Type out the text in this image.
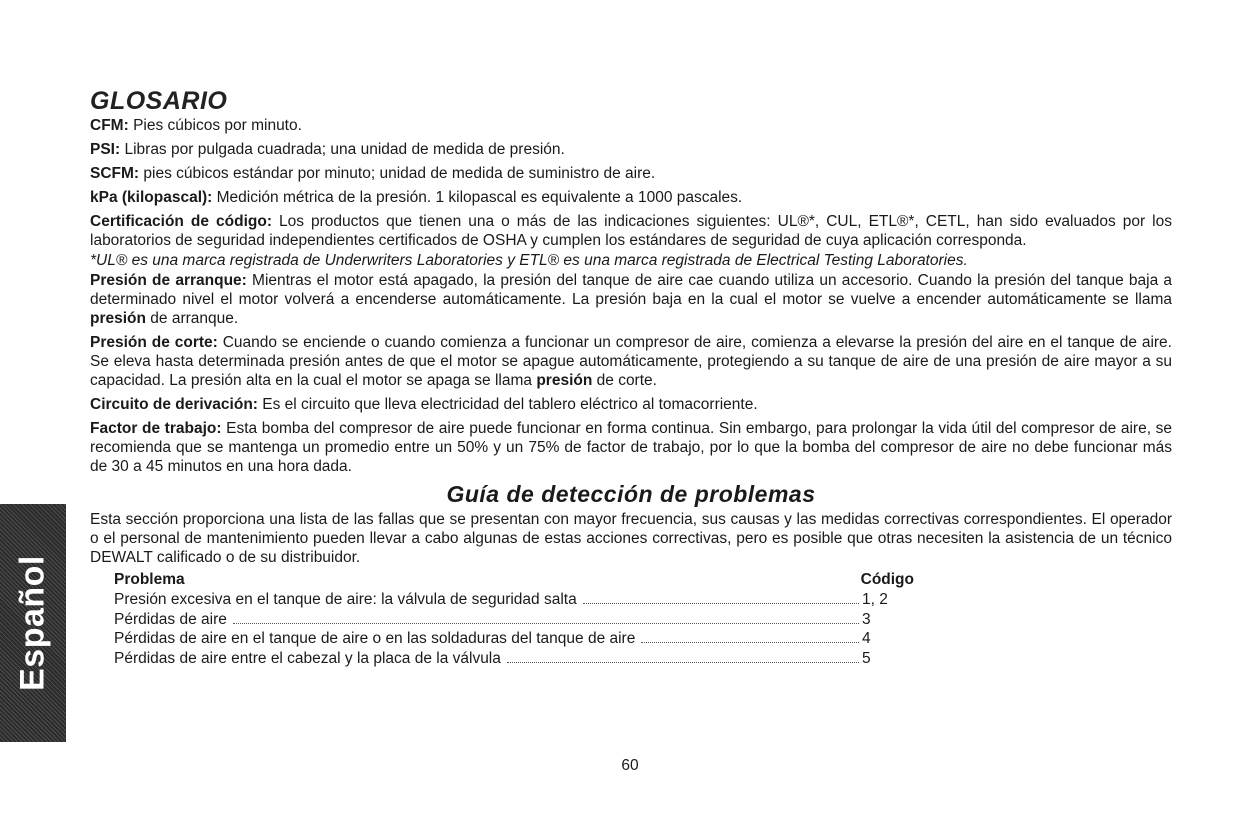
Español
GLOSARIO

CFM: Pies cúbicos por minuto.

PSI: Libras por pulgada cuadrada; una unidad de medida de presión.

SCFM: pies cúbicos estándar por minuto; unidad de medida de suministro de aire.

kPa (kilopascal): Medición métrica de la presión. 1 kilopascal es equivalente a 1000 pascales.

Certificación de código: Los productos que tienen una o más de las indicaciones siguientes: UL®*, CUL, ETL®*, CETL, han sido evaluados por los laboratorios de seguridad independientes certificados de OSHA y cumplen los estándares de seguridad de cuya aplicación corresponda.

*UL® es una marca registrada de Underwriters Laboratories y ETL® es una marca registrada de Electrical Testing Laboratories.

Presión de arranque: Mientras el motor está apagado, la presión del tanque de aire cae cuando utiliza un accesorio. Cuando la presión del tanque baja a determinado nivel el motor volverá a encenderse automáticamente. La presión baja en la cual el motor se vuelve a encender automáticamente se llama presión de arranque.

Presión de corte: Cuando se enciende o cuando comienza a funcionar un compresor de aire, comienza a elevarse la presión del aire en el tanque de aire. Se eleva hasta determinada presión antes de que el motor se apague automáticamente, protegiendo a su tanque de aire de una presión de aire mayor a su capacidad. La presión alta en la cual el motor se apaga se llama presión de corte.

Circuito de derivación: Es el circuito que lleva electricidad del tablero eléctrico al tomacorriente.

Factor de trabajo: Esta bomba del compresor de aire puede funcionar en forma continua. Sin embargo, para prolongar la vida útil del compresor de aire, se recomienda que se mantenga un promedio entre un 50% y un 75% de factor de trabajo, por lo que la bomba del compresor de aire no debe funcionar más de 30 a 45 minutos en una hora dada.

Guía de detección de problemas

Esta sección proporciona una lista de las fallas que se presentan con mayor frecuencia, sus causas y las medidas correctivas correspondientes. El operador o el personal de mantenimiento pueden llevar a cabo algunas de estas acciones correctivas, pero es posible que otras necesiten la asistencia de un técnico DEWALT calificado o de su distribuidor.

Problema	Código
Presión excesiva en el tanque de aire: la válvula de seguridad salta	1, 2
Pérdidas de aire	3
Pérdidas de aire en el tanque de aire o en las soldaduras del tanque de aire	4
Pérdidas de aire entre el cabezal y la placa de la válvula	5
60
